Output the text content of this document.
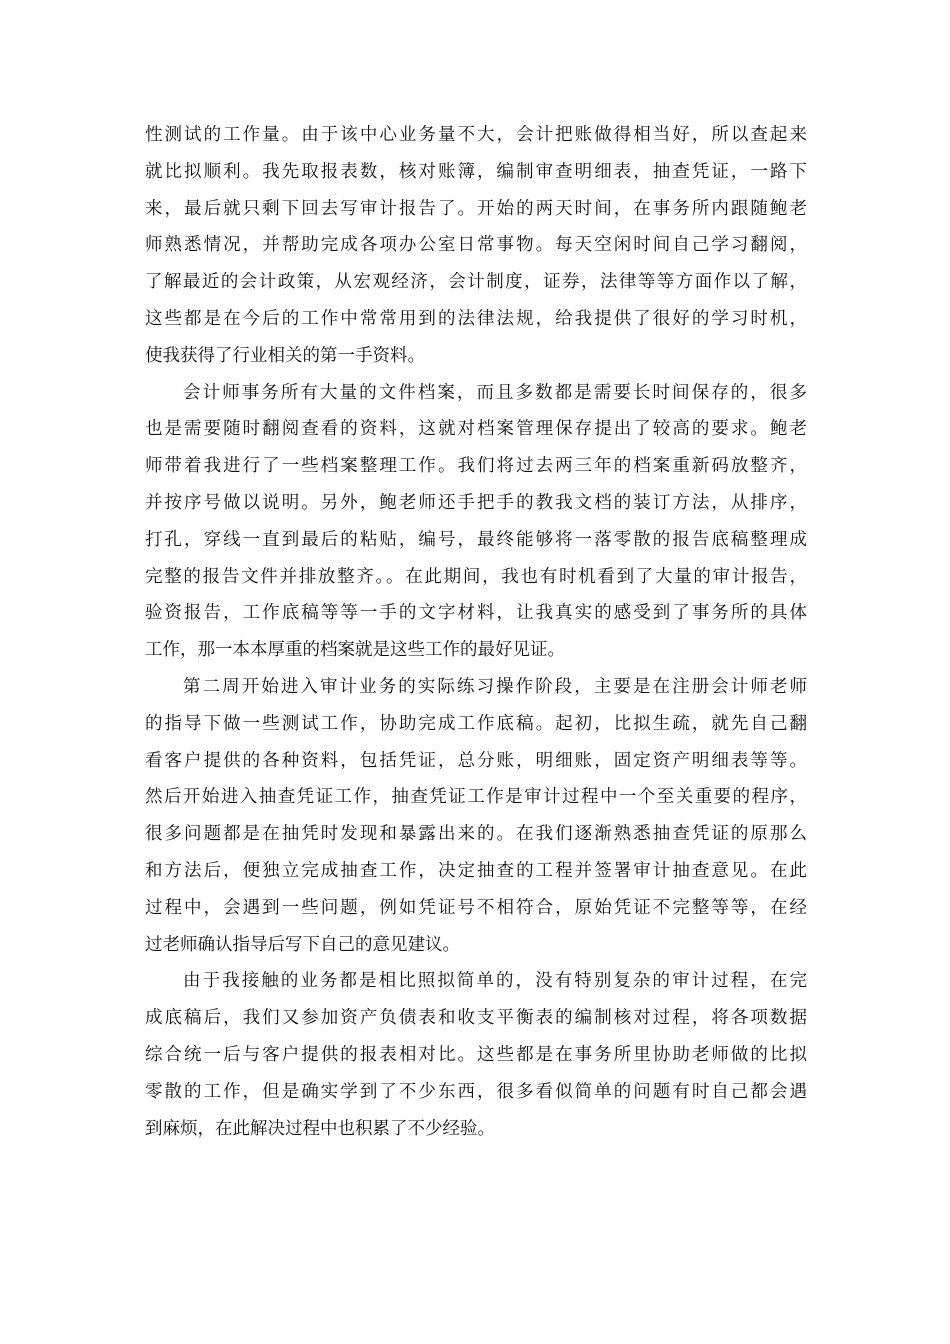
性测试的工作量。由于该中心业务量不大，会计把账做得相当好，所以查起来
就比拟顺利。我先取报表数，核对账簿，编制审查明细表，抽查凭证，一路下
来，最后就只剩下回去写审计报告了。开始的两天时间，在事务所内跟随鲍老
师熟悉情况，并帮助完成各项办公室日常事物。每天空闲时间自己学习翻阅，
了解最近的会计政策，从宏观经济，会计制度，证券，法律等等方面作以了解，
这些都是在今后的工作中常常用到的法律法规，给我提供了很好的学习时机，
使我获得了行业相关的第一手资料。
会计师事务所有大量的文件档案，而且多数都是需要长时间保存的，很多
也是需要随时翻阅查看的资料，这就对档案管理保存提出了较高的要求。鲍老
师带着我进行了一些档案整理工作。我们将过去两三年的档案重新码放整齐，
并按序号做以说明。另外，鲍老师还手把手的教我文档的装订方法，从排序，
打孔，穿线一直到最后的粘贴，编号，最终能够将一落零散的报告底稿整理成
完整的报告文件并排放整齐。。在此期间，我也有时机看到了大量的审计报告，
验资报告，工作底稿等等一手的文字材料，让我真实的感受到了事务所的具体
工作，那一本本厚重的档案就是这些工作的最好见证。
第二周开始进入审计业务的实际练习操作阶段，主要是在注册会计师老师
的指导下做一些测试工作，协助完成工作底稿。起初，比拟生疏，就先自己翻
看客户提供的各种资料，包括凭证，总分账，明细账，固定资产明细表等等。
然后开始进入抽查凭证工作，抽查凭证工作是审计过程中一个至关重要的程序，
很多问题都是在抽凭时发现和暴露出来的。在我们逐渐熟悉抽查凭证的原那么
和方法后，便独立完成抽查工作，决定抽查的工程并签署审计抽查意见。在此
过程中，会遇到一些问题，例如凭证号不相符合，原始凭证不完整等等，在经
过老师确认指导后写下自己的意见建议。
由于我接触的业务都是相比照拟简单的，没有特别复杂的审计过程，在完
成底稿后，我们又参加资产负债表和收支平衡表的编制核对过程，将各项数据
综合统一后与客户提供的报表相对比。这些都是在事务所里协助老师做的比拟
零散的工作，但是确实学到了不少东西，很多看似简单的问题有时自己都会遇
到麻烦，在此解决过程中也积累了不少经验。
